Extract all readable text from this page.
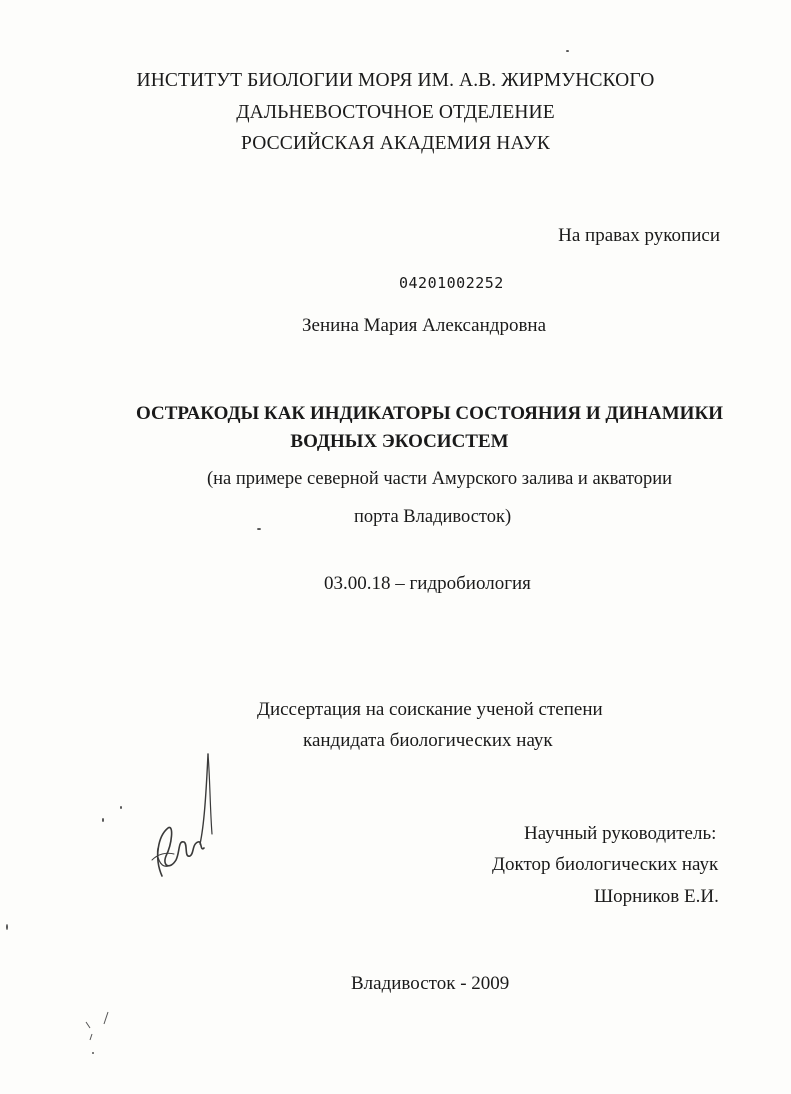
ИНСТИТУТ БИОЛОГИИ МОРЯ ИМ. А.В. ЖИРМУНСКОГО
ДАЛЬНЕВОСТОЧНОЕ ОТДЕЛЕНИЕ
РОССИЙСКАЯ АКАДЕМИЯ НАУК
На правах рукописи
04201002252
Зенина Мария Александровна
ОСТРАКОДЫ КАК ИНДИКАТОРЫ СОСТОЯНИЯ И ДИНАМИКИ
ВОДНЫХ ЭКОСИСТЕМ
(на примере северной части Амурского залива и акватории
порта Владивосток)
03.00.18 – гидробиология
Диссертация на соискание ученой степени
кандидата биологических наук
Научный руководитель:
Доктор биологических наук
Шорников Е.И.
Владивосток - 2009
